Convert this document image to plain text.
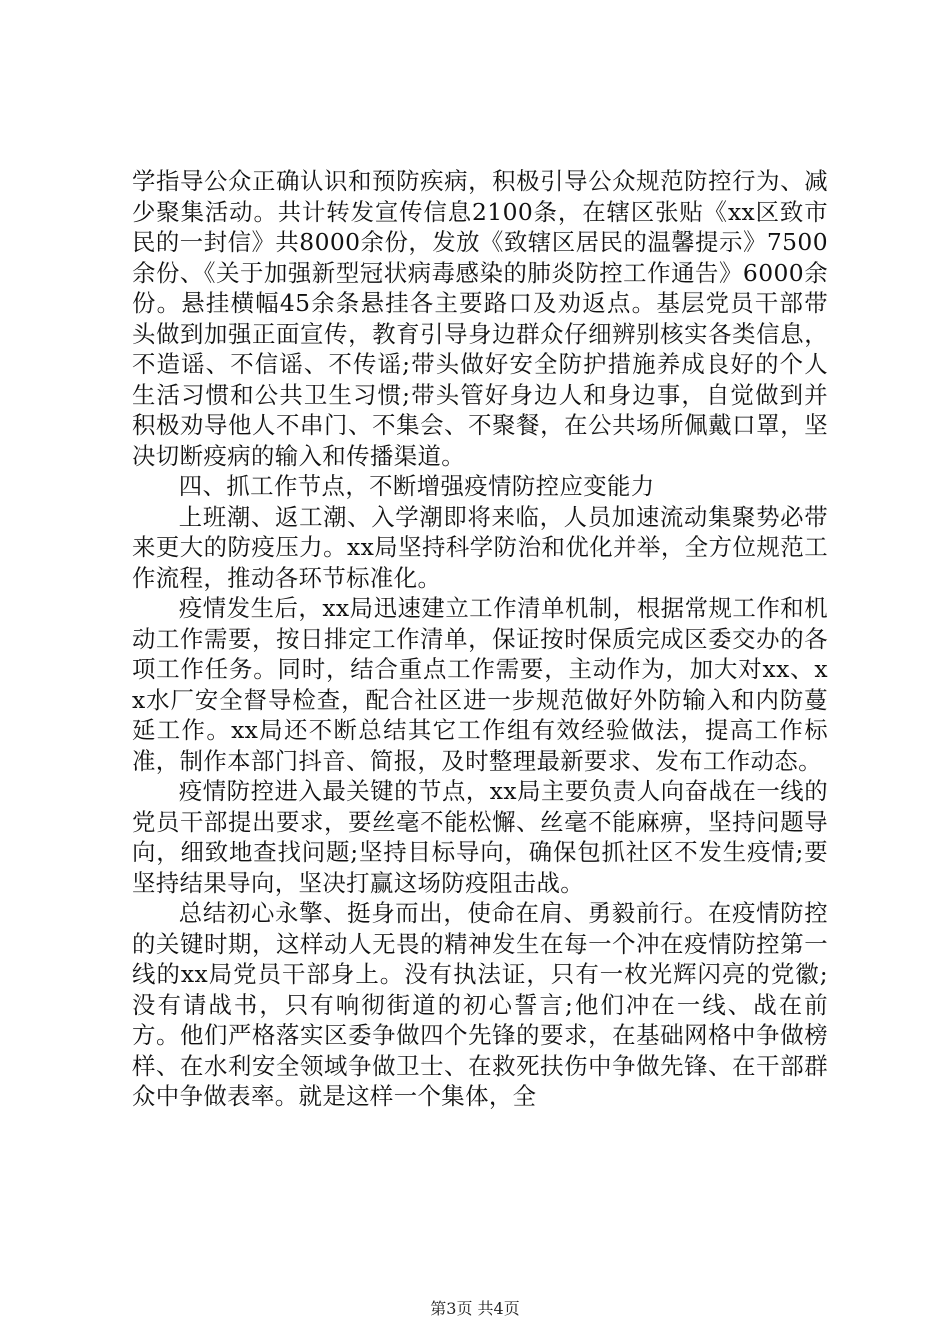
学指导公众正确认识和预防疾病，积极引导公众规范防控行为、减少聚集活动。共计转发宣传信息2100条，在辖区张贴《xx区致市民的一封信》共8000余份，发放《致辖区居民的温馨提示》7500余份、《关于加强新型冠状病毒感染的肺炎防控工作通告》6000余份。悬挂横幅45余条悬挂各主要路口及劝返点。基层党员干部带头做到加强正面宣传，教育引导身边群众仔细辨别核实各类信息，不造谣、不信谣、不传谣;带头做好安全防护措施养成良好的个人生活习惯和公共卫生习惯;带头管好身边人和身边事，自觉做到并积极劝导他人不串门、不集会、不聚餐，在公共场所佩戴口罩，坚决切断疫病的输入和传播渠道。

四、抓工作节点，不断增强疫情防控应变能力

上班潮、返工潮、入学潮即将来临，人员加速流动集聚势必带来更大的防疫压力。xx局坚持科学防治和优化并举，全方位规范工作流程，推动各环节标准化。

疫情发生后，xx局迅速建立工作清单机制，根据常规工作和机动工作需要，按日排定工作清单，保证按时保质完成区委交办的各项工作任务。同时，结合重点工作需要，主动作为，加大对xx、xx水厂安全督导检查，配合社区进一步规范做好外防输入和内防蔓延工作。xx局还不断总结其它工作组有效经验做法，提高工作标准，制作本部门抖音、简报，及时整理最新要求、发布工作动态。

疫情防控进入最关键的节点，xx局主要负责人向奋战在一线的党员干部提出要求，要丝毫不能松懈、丝毫不能麻痹，坚持问题导向，细致地查找问题;坚持目标导向，确保包抓社区不发生疫情;要坚持结果导向，坚决打赢这场防疫阻击战。

总结初心永擎、挺身而出，使命在肩、勇毅前行。在疫情防控的关键时期，这样动人无畏的精神发生在每一个冲在疫情防控第一线的xx局党员干部身上。没有执法证，只有一枚光辉闪亮的党徽;没有请战书，只有响彻街道的初心誓言;他们冲在一线、战在前方。他们严格落实区委争做四个先锋的要求，在基础网格中争做榜样、在水利安全领域争做卫士、在救死扶伤中争做先锋、在干部群众中争做表率。就是这样一个集体，全

第3页 共4页
